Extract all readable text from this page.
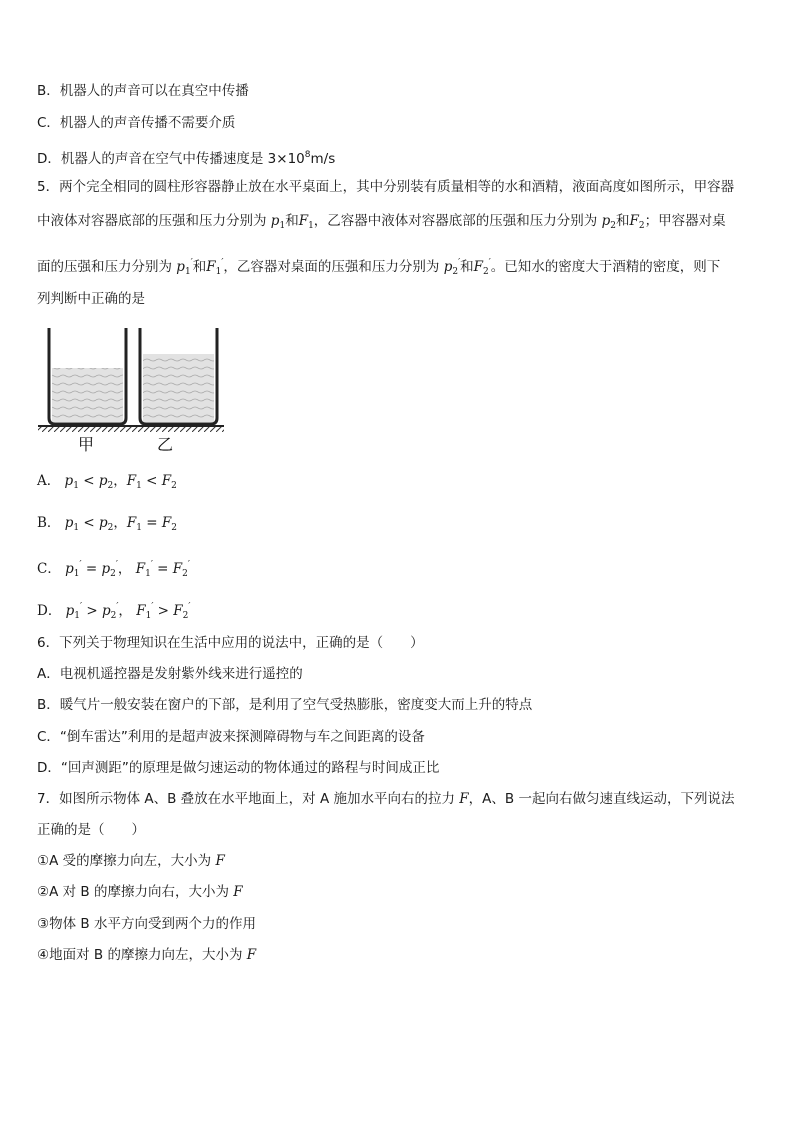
B．机器人的声音可以在真空中传播
C．机器人的声音传播不需要介质
D．机器人的声音在空气中传播速度是 $3\times 10^8m/s$
5．两个完全相同的圆柱形容器静止放在水平桌面上，其中分别装有质量相等的水和酒精，液面高度如图所示，甲容器
中液体对容器底部的压强和压力分别为 $p_1$和$F_1$，乙容器中液体对容器底部的压强和压力分别为 $p_2$和$F_2$；甲容器对桌
面的压强和压力分别为 $p_1'$和$F_1'$，乙容器对桌面的压强和压力分别为 $p_2'$和$F_2'$。已知水的密度大于酒精的密度，则下
列判断中正确的是
甲	乙
A． $p_1 < p_2$，$F_1 < F_2$
B． $p_1 < p_2$，$F_1 = F_2$
C． $p_1' = p_2'$， $F_1' = F_2'$
D． $p_1' > p_2'$， $F_1' > F_2'$
6．下列关于物理知识在生活中应用的说法中，正确的是（　　）
A．电视机遥控器是发射紫外线来进行遥控的
B．暖气片一般安装在窗户的下部，是利用了空气受热膨胀，密度变大而上升的特点
C．“倒车雷达”利用的是超声波来探测障碍物与车之间距离的设备
D．“回声测距”的原理是做匀速运动的物体通过的路程与时间成正比
7．如图所示物体 A、B 叠放在水平地面上，对 A 施加水平向右的拉力 F，A、B 一起向右做匀速直线运动，下列说法
正确的是（　　）
①A 受的摩擦力向左，大小为 F
②A 对 B 的摩擦力向右，大小为 F
③物体 B 水平方向受到两个力的作用
④地面对 B 的摩擦力向左，大小为 F
